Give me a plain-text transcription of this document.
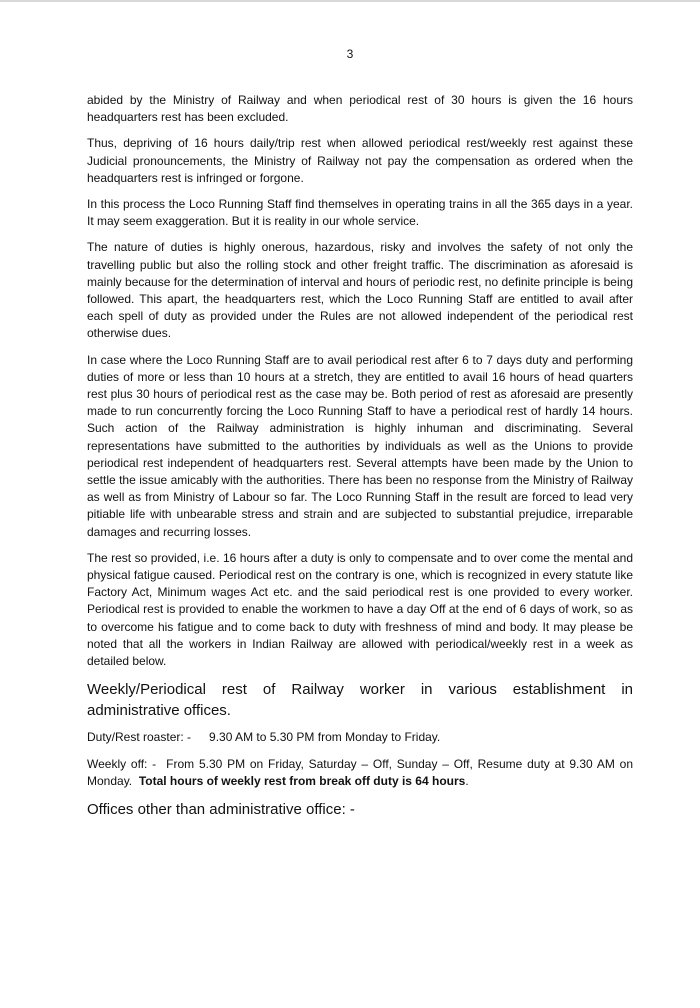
3

abided by the Ministry of Railway and when periodical rest of 30 hours is given the 16 hours headquarters rest has been excluded.

Thus, depriving of 16 hours daily/trip rest when allowed periodical rest/weekly rest against these Judicial pronouncements, the Ministry of Railway not pay the compensation as ordered when the headquarters rest is infringed or forgone.

In this process the Loco Running Staff find themselves in operating trains in all the 365 days in a year. It may seem exaggeration. But it is reality in our whole service.

The nature of duties is highly onerous, hazardous, risky and involves the safety of not only the travelling public but also the rolling stock and other freight traffic. The discrimination as aforesaid is mainly because for the determination of interval and hours of periodic rest, no definite principle is being followed. This apart, the headquarters rest, which the Loco Running Staff are entitled to avail after each spell of duty as provided under the Rules are not allowed independent of the periodical rest otherwise dues.

In case where the Loco Running Staff are to avail periodical rest after 6 to 7 days duty and performing duties of more or less than 10 hours at a stretch, they are entitled to avail 16 hours of head quarters rest plus 30 hours of periodical rest as the case may be. Both period of rest as aforesaid are presently made to run concurrently forcing the Loco Running Staff to have a periodical rest of hardly 14 hours. Such action of the Railway administration is highly inhuman and discriminating. Several representations have submitted to the authorities by individuals as well as the Unions to provide periodical rest independent of headquarters rest. Several attempts have been made by the Union to settle the issue amicably with the authorities. There has been no response from the Ministry of Railway as well as from Ministry of Labour so far. The Loco Running Staff in the result are forced to lead very pitiable life with unbearable stress and strain and are subjected to substantial prejudice, irreparable damages and recurring losses.

The rest so provided, i.e. 16 hours after a duty is only to compensate and to over come the mental and physical fatigue caused. Periodical rest on the contrary is one, which is recognized in every statute like Factory Act, Minimum wages Act etc. and the said periodical rest is one provided to every worker. Periodical rest is provided to enable the workmen to have a day Off at the end of 6 days of work, so as to overcome his fatigue and to come back to duty with freshness of mind and body. It may please be noted that all the workers in Indian Railway are allowed with periodical/weekly rest in a week as detailed below.

Weekly/Periodical rest of Railway worker in various establishment in administrative offices.

Duty/Rest roaster: - 9.30 AM to 5.30 PM from Monday to Friday.

Weekly off: - From 5.30 PM on Friday, Saturday – Off, Sunday – Off, Resume duty at 9.30 AM on Monday. Total hours of weekly rest from break off duty is 64 hours.

Offices other than administrative office: -
